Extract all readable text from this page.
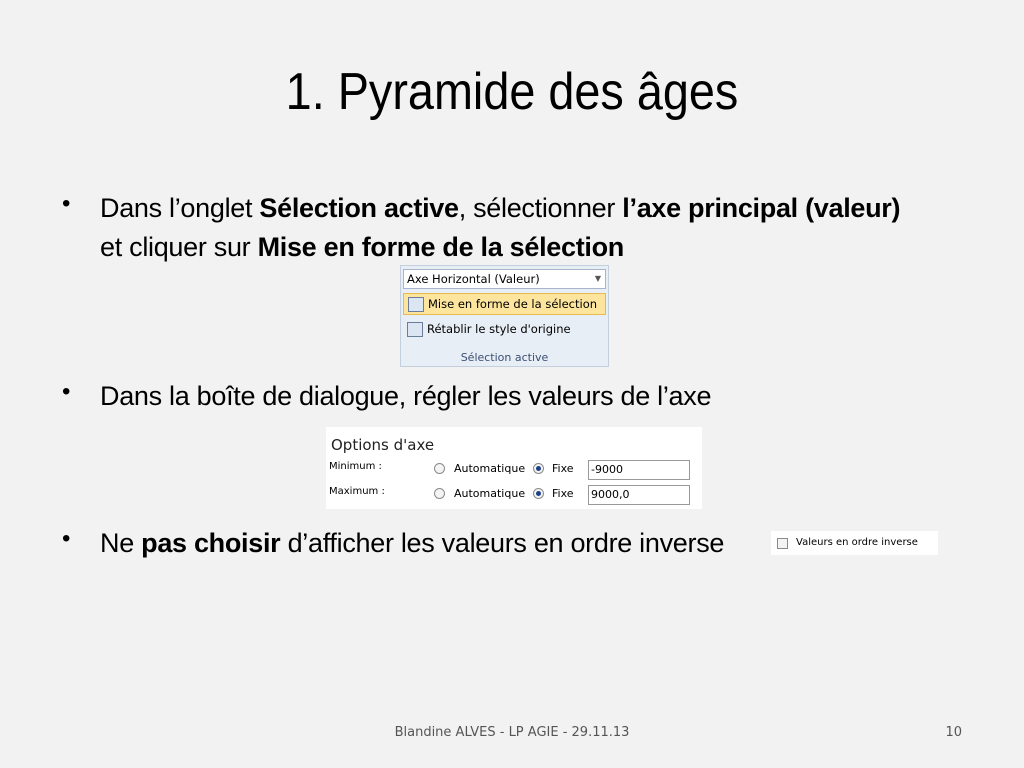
1. Pyramide des âges
• Dans l’onglet Sélection active, sélectionner l’axe principal (valeur)
et cliquer sur Mise en forme de la sélection
Axe Horizontal (Valeur)	▼
Mise en forme de la sélection
Rétablir le style d'origine
Sélection active
• Dans la boîte de dialogue, régler les valeurs de l’axe
Options d'axe
Minimum :	Automatique Fixe -9000
Maximum :	Automatique Fixe 9000,0
• Ne pas choisir d’afficher les valeurs en ordre inverse	Valeurs en ordre inverse
Blandine ALVES - LP AGIE - 29.11.13	10
